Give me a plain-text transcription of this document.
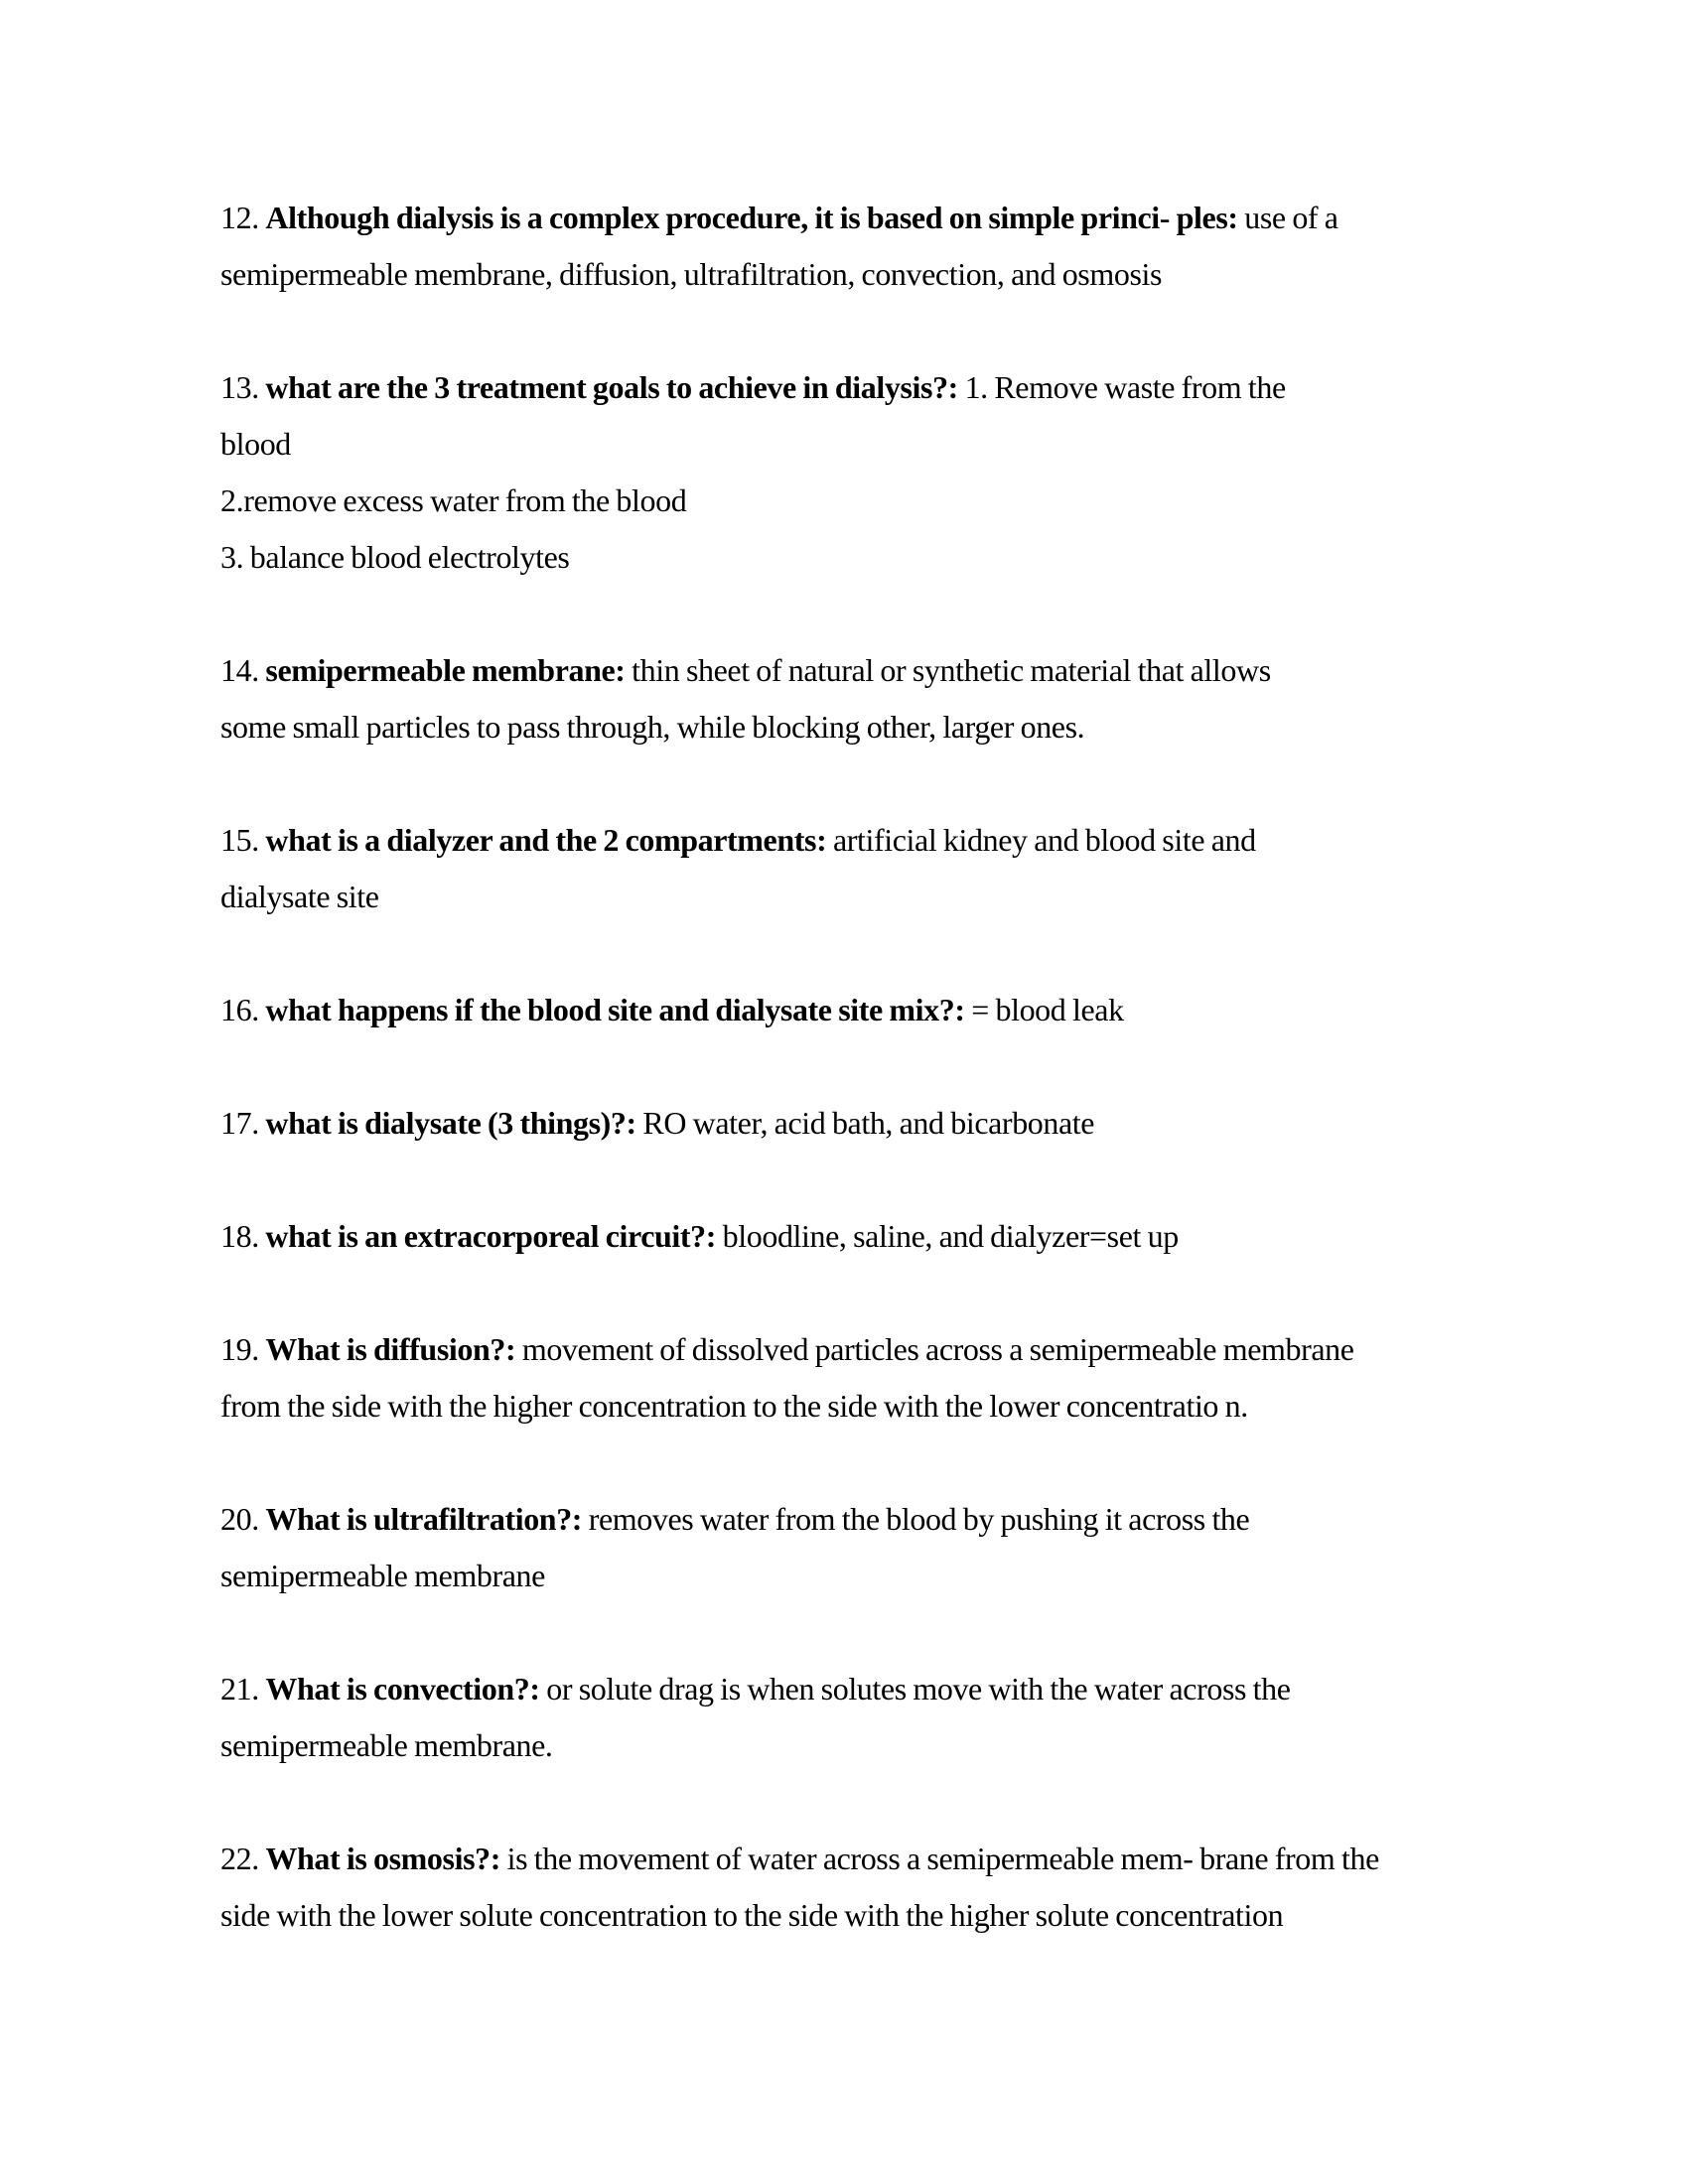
12. Although dialysis is a complex procedure, it is based on simple princi- ples: use of a
semipermeable membrane, diffusion, ultrafiltration, convection, and osmosis
13. what are the 3 treatment goals to achieve in dialysis?: 1. Remove waste from the
blood
2.remove excess water from the blood
3. balance blood electrolytes
14. semipermeable membrane: thin sheet of natural or synthetic material that allows
some small particles to pass through, while blocking other, larger ones.
15. what is a dialyzer and the 2 compartments: artificial kidney and blood site and
dialysate site
16. what happens if the blood site and dialysate site mix?: = blood leak
17. what is dialysate (3 things)?: RO water, acid bath, and bicarbonate
18. what is an extracorporeal circuit?: bloodline, saline, and dialyzer=set up
19. What is diffusion?: movement of dissolved particles across a semipermeable membrane
from the side with the higher concentration to the side with the lower concentratio n.
20. What is ultrafiltration?: removes water from the blood by pushing it across the
semipermeable membrane
21. What is convection?: or solute drag is when solutes move with the water across the
semipermeable membrane.
22. What is osmosis?: is the movement of water across a semipermeable mem- brane from the
side with the lower solute concentration to the side with the higher solute concentration
